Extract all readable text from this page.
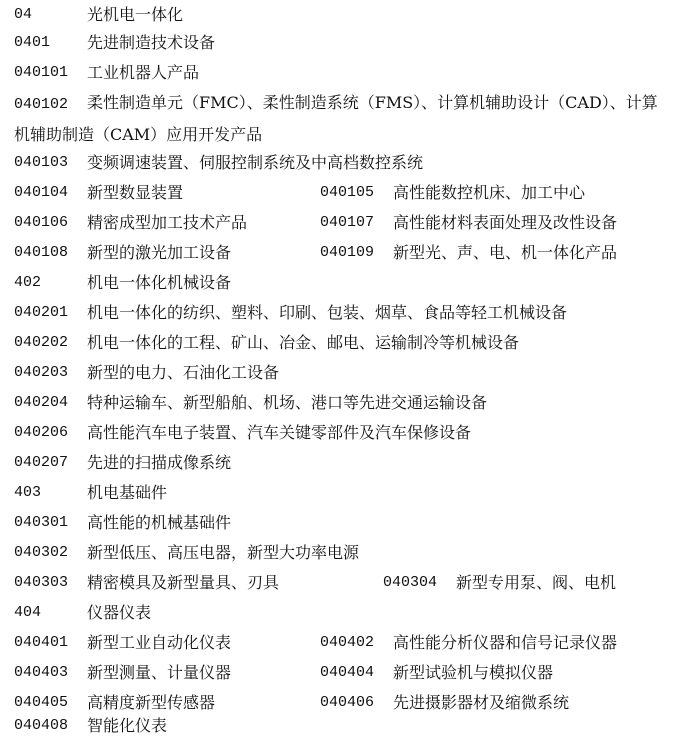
04	光机电一体化
0401 先进制造技术设备
040101 工业机器人产品
040102 柔性制造单元（FMC）、柔性制造系统（FMS）、计算机辅助设计（CAD）、计算机辅助制造（CAM）应用开发产品
040103 变频调速装置、伺服控制系统及中高档数控系统
040104 新型数显装置	040105 高性能数控机床、加工中心
040106 精密成型加工技术产品	040107 高性能材料表面处理及改性设备
040108 新型的激光加工设备	040109 新型光、声、电、机一体化产品
402	机电一体化机械设备
040201 机电一体化的纺织、塑料、印刷、包装、烟草、食品等轻工机械设备
040202 机电一体化的工程、矿山、冶金、邮电、运输制冷等机械设备
040203 新型的电力、石油化工设备
040204 特种运输车、新型船舶、机场、港口等先进交通运输设备
040206 高性能汽车电子装置、汽车关键零部件及汽车保修设备
040207 先进的扫描成像系统
403	机电基础件
040301 高性能的机械基础件
040302 新型低压、高压电器，新型大功率电源
040303 精密模具及新型量具、刃具	040304 新型专用泵、阀、电机
404	仪器仪表
040401 新型工业自动化仪表	040402 高性能分析仪器和信号记录仪器
040403 新型测量、计量仪器	040404 新型试验机与模拟仪器
040405 高精度新型传感器	040406 先进摄影器材及缩微系统
040408 智能化仪表
